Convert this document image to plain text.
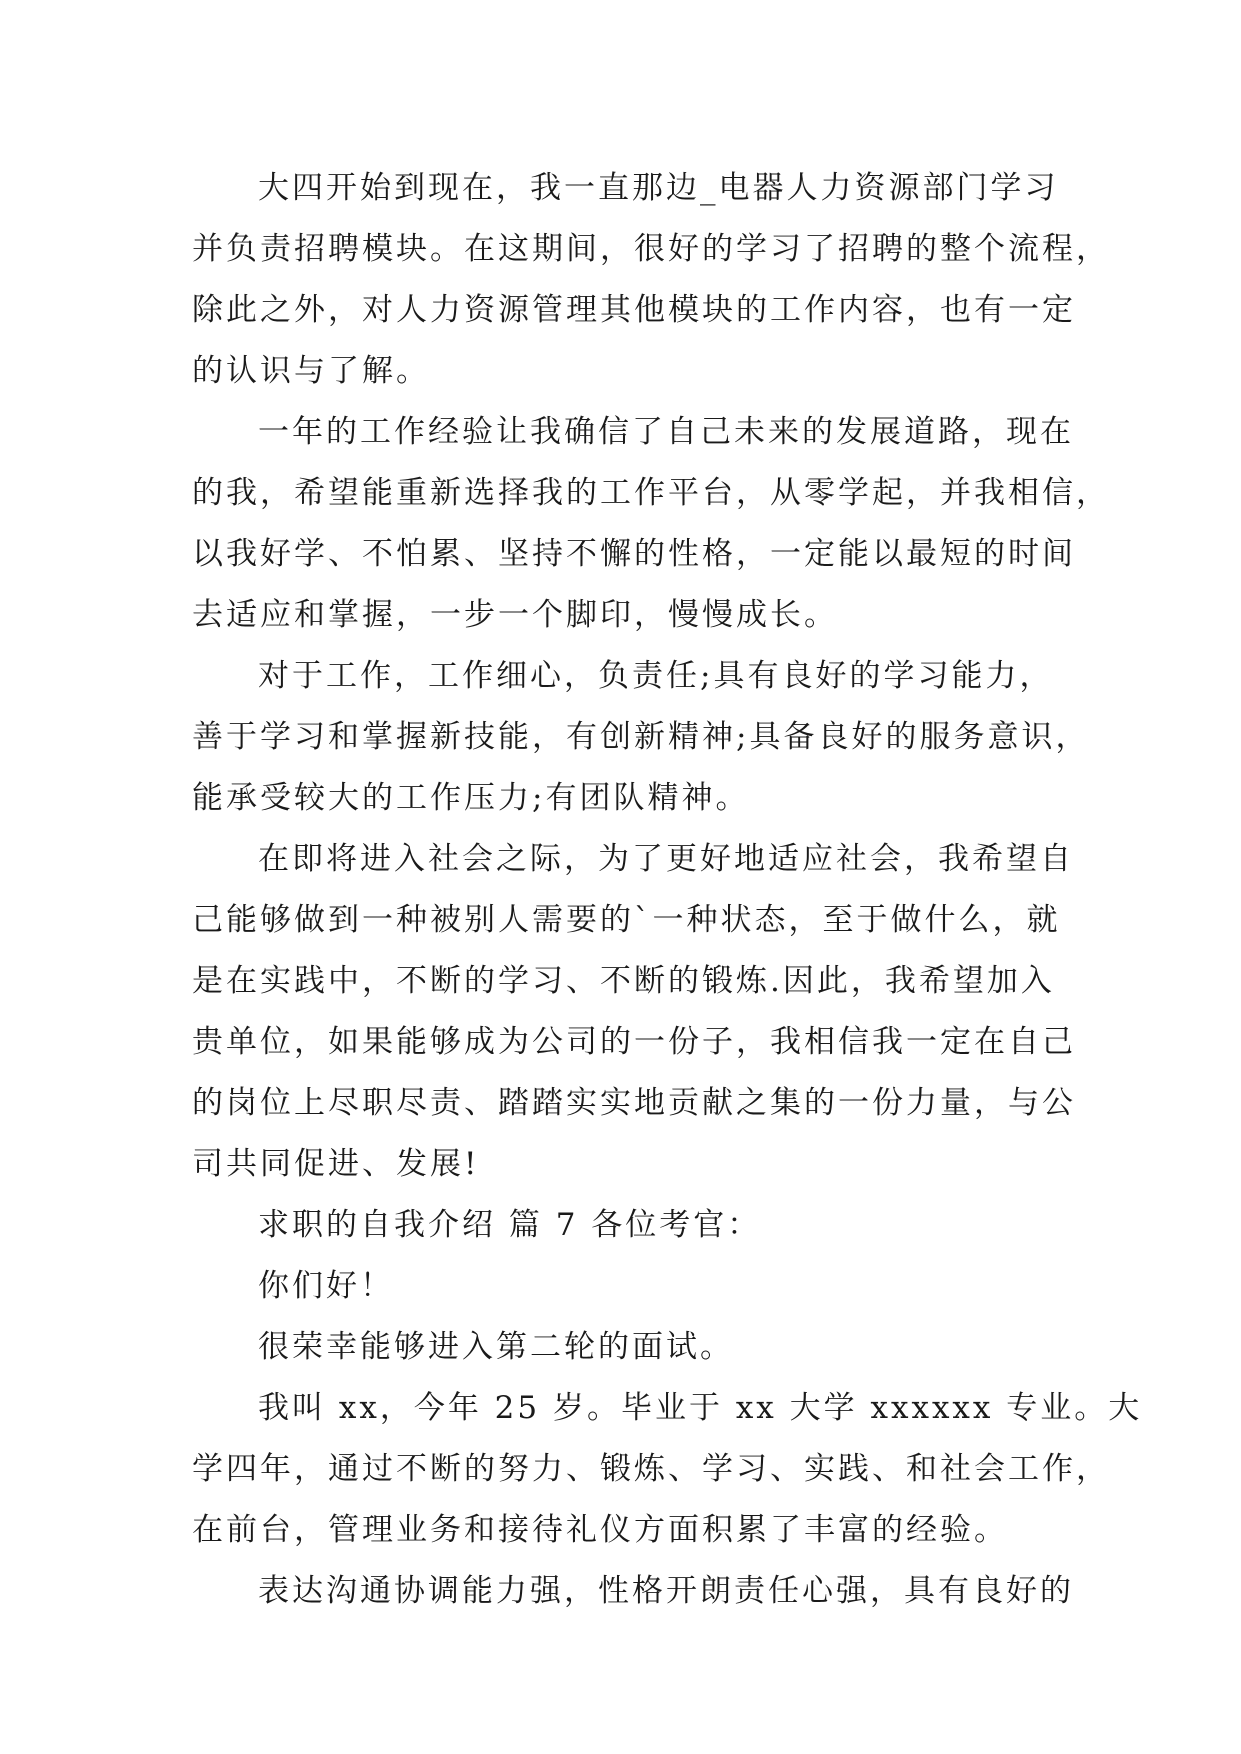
大四开始到现在，我一直那边_电器人力资源部门学习
并负责招聘模块。在这期间，很好的学习了招聘的整个流程，
除此之外，对人力资源管理其他模块的工作内容，也有一定
的认识与了解。
一年的工作经验让我确信了自己未来的发展道路，现在
的我，希望能重新选择我的工作平台，从零学起，并我相信，
以我好学、不怕累、坚持不懈的性格，一定能以最短的时间
去适应和掌握，一步一个脚印，慢慢成长。
对于工作，工作细心，负责任;具有良好的学习能力，
善于学习和掌握新技能，有创新精神;具备良好的服务意识，
能承受较大的工作压力;有团队精神。
在即将进入社会之际，为了更好地适应社会，我希望自
己能够做到一种被别人需要的`一种状态，至于做什么，就
是在实践中，不断的学习、不断的锻炼.因此，我希望加入
贵单位，如果能够成为公司的一份子，我相信我一定在自己
的岗位上尽职尽责、踏踏实实地贡献之集的一份力量，与公
司共同促进、发展!
求职的自我介绍 篇 7 各位考官：
你们好！
很荣幸能够进入第二轮的面试。
我叫 xx，今年 25 岁。毕业于 xx 大学 xxxxxx 专业。大
学四年，通过不断的努力、锻炼、学习、实践、和社会工作，
在前台，管理业务和接待礼仪方面积累了丰富的经验。
表达沟通协调能力强，性格开朗责任心强，具有良好的
